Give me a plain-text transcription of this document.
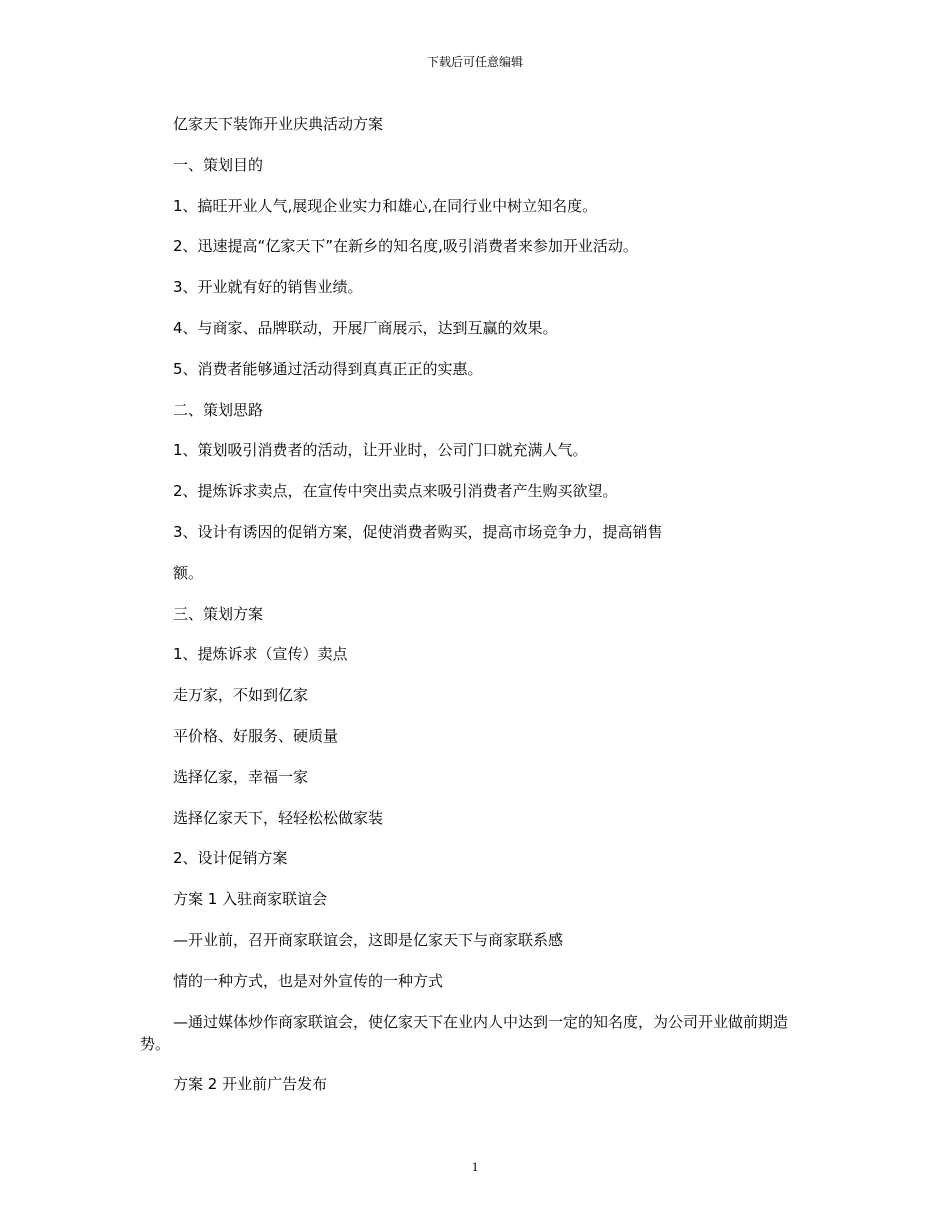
下载后可任意编辑

亿家天下装饰开业庆典活动方案

一、策划目的

1、搞旺开业人气,展现企业实力和雄心,在同行业中树立知名度。

2、迅速提高“亿家天下”在新乡的知名度,吸引消费者来参加开业活动。

3、开业就有好的销售业绩。

4、与商家、品牌联动，开展厂商展示，达到互赢的效果。

5、消费者能够通过活动得到真真正正的实惠。

二、策划思路

1、策划吸引消费者的活动，让开业时，公司门口就充满人气。

2、提炼诉求卖点，在宣传中突出卖点来吸引消费者产生购买欲望。

3、设计有诱因的促销方案，促使消费者购买，提高市场竞争力，提高销售

额。

三、策划方案

1、提炼诉求（宣传）卖点

走万家，不如到亿家

平价格、好服务、硬质量

选择亿家，幸福一家

选择亿家天下，轻轻松松做家装

2、设计促销方案

方案 1 入驻商家联谊会

—开业前，召开商家联谊会，这即是亿家天下与商家联系感

情的一种方式，也是对外宣传的一种方式

—通过媒体炒作商家联谊会，使亿家天下在业内人中达到一定的知名度，为公司开业做前期造势。

方案 2 开业前广告发布

1
